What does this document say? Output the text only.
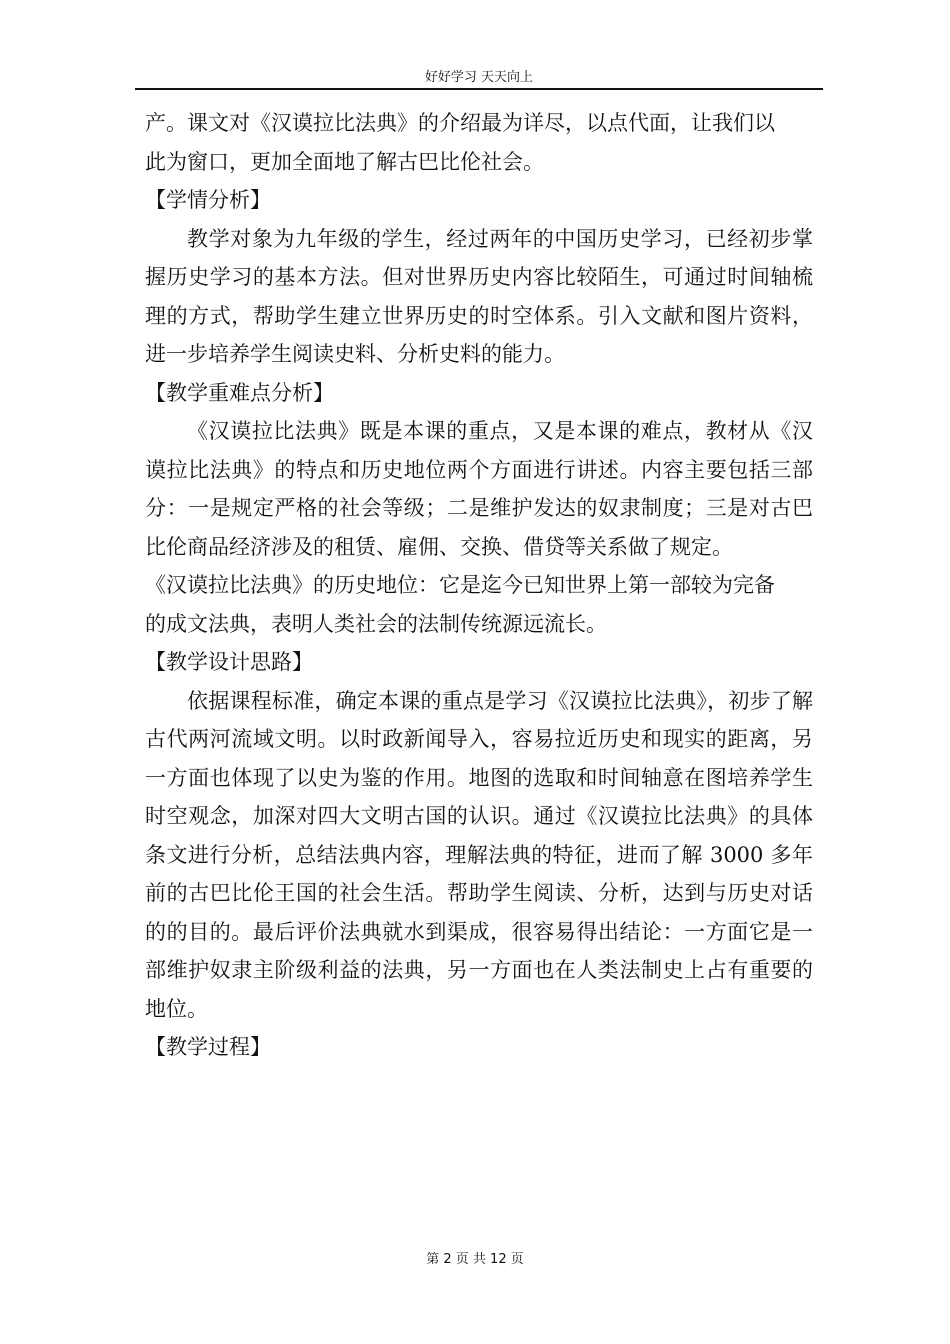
好好学习 天天向上

产。课文对《汉谟拉比法典》的介绍最为详尽，以点代面，让我们以此为窗口，更加全面地了解古巴比伦社会。

【学情分析】

教学对象为九年级的学生，经过两年的中国历史学习，已经初步掌握历史学习的基本方法。但对世界历史内容比较陌生，可通过时间轴梳理的方式，帮助学生建立世界历史的时空体系。引入文献和图片资料，进一步培养学生阅读史料、分析史料的能力。

【教学重难点分析】

《汉谟拉比法典》既是本课的重点，又是本课的难点，教材从《汉谟拉比法典》的特点和历史地位两个方面进行讲述。内容主要包括三部分：一是规定严格的社会等级；二是维护发达的奴隶制度；三是对古巴比伦商品经济涉及的租赁、雇佣、交换、借贷等关系做了规定。

《汉谟拉比法典》的历史地位：它是迄今已知世界上第一部较为完备的成文法典，表明人类社会的法制传统源远流长。

【教学设计思路】

依据课程标准，确定本课的重点是学习《汉谟拉比法典》，初步了解古代两河流域文明。以时政新闻导入，容易拉近历史和现实的距离，另一方面也体现了以史为鉴的作用。地图的选取和时间轴意在图培养学生时空观念，加深对四大文明古国的认识。通过《汉谟拉比法典》的具体条文进行分析，总结法典内容，理解法典的特征，进而了解 3000 多年前的古巴比伦王国的社会生活。帮助学生阅读、分析，达到与历史对话的的目的。最后评价法典就水到渠成，很容易得出结论：一方面它是一部维护奴隶主阶级利益的法典，另一方面也在人类法制史上占有重要的地位。

【教学过程】

第 2 页 共 12 页
